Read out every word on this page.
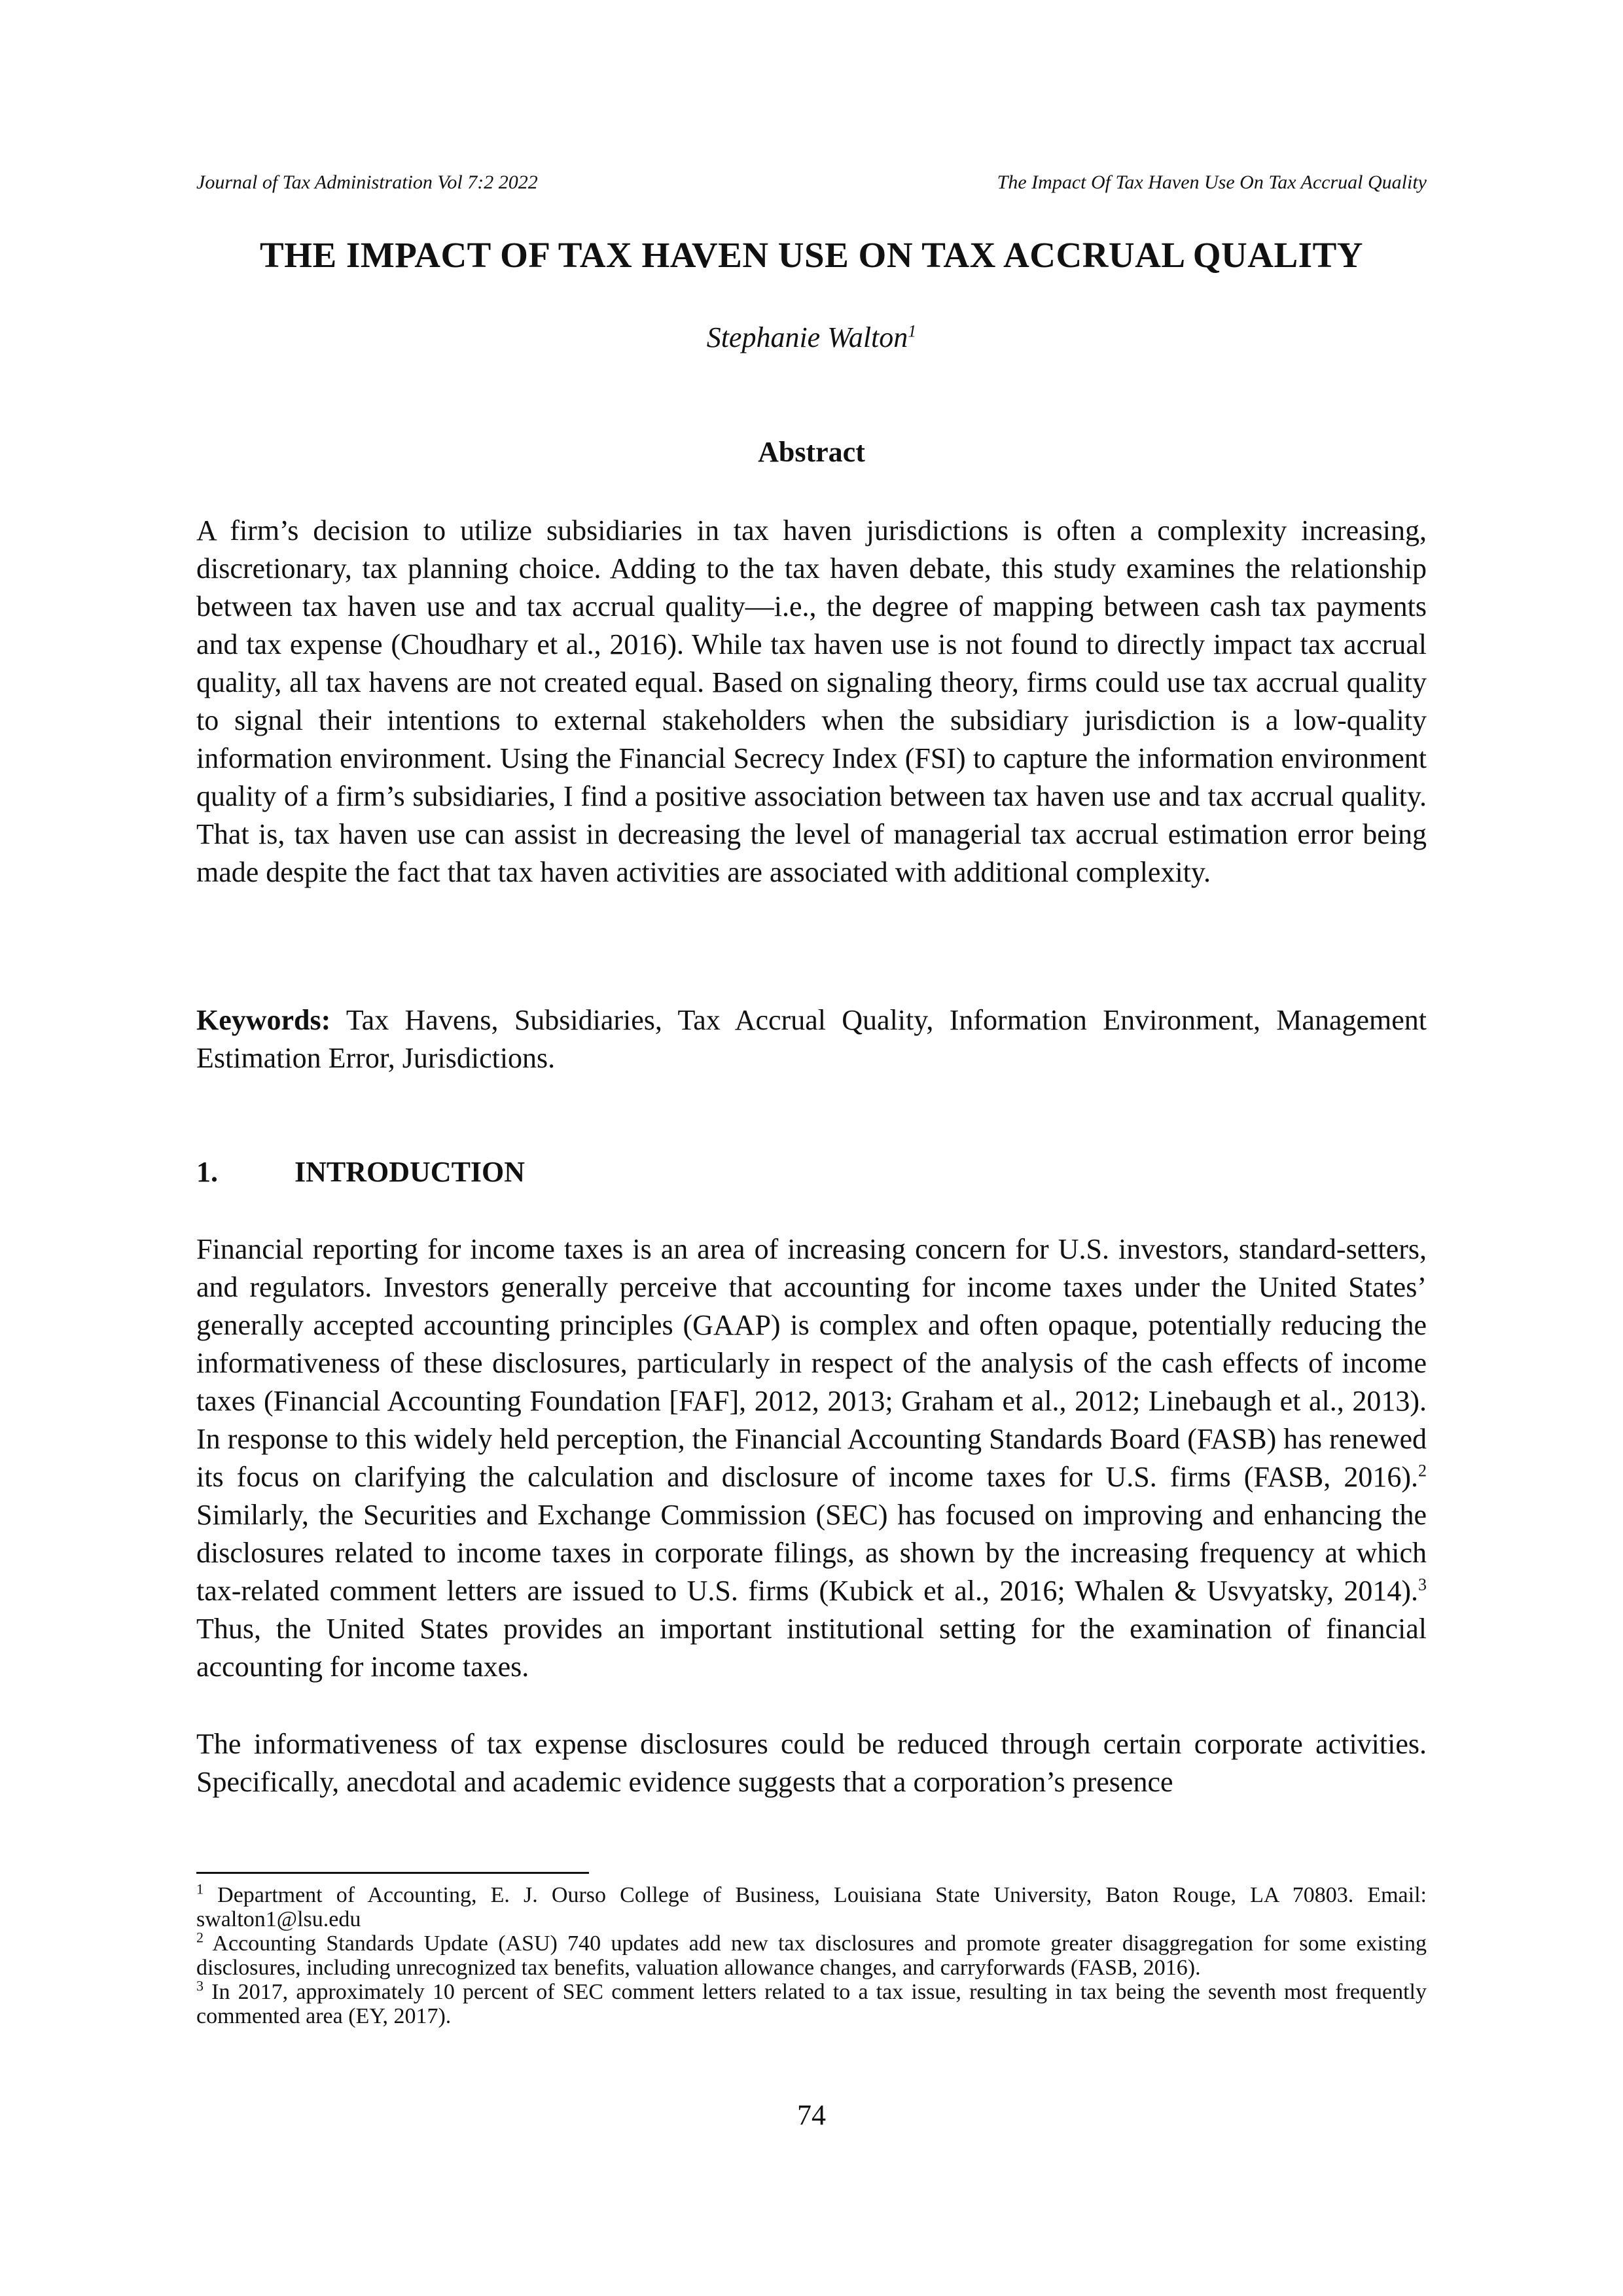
Journal of Tax Administration Vol 7:2 2022	The Impact Of Tax Haven Use On Tax Accrual Quality
THE IMPACT OF TAX HAVEN USE ON TAX ACCRUAL QUALITY
Stephanie Walton$^1$
Abstract

A firm’s decision to utilize subsidiaries in tax haven jurisdictions is often a complexity increasing, discretionary, tax planning choice. Adding to the tax haven debate, this study examines the relationship between tax haven use and tax accrual quality—i.e., the degree of mapping between cash tax payments and tax expense (Choudhary et al., 2016). While tax haven use is not found to directly impact tax accrual quality, all tax havens are not created equal. Based on signaling theory, firms could use tax accrual quality to signal their intentions to external stakeholders when the subsidiary jurisdiction is a low-quality information environment. Using the Financial Secrecy Index (FSI) to capture the information environment quality of a firm’s subsidiaries, I find a positive association between tax haven use and tax accrual quality. That is, tax haven use can assist in decreasing the level of managerial tax accrual estimation error being made despite the fact that tax haven activities are associated with additional complexity.

Keywords: Tax Havens, Subsidiaries, Tax Accrual Quality, Information Environment, Management Estimation Error, Jurisdictions.

1.	INTRODUCTION

Financial reporting for income taxes is an area of increasing concern for U.S. investors, standard-setters, and regulators. Investors generally perceive that accounting for income taxes under the United States’ generally accepted accounting principles (GAAP) is complex and often opaque, potentially reducing the informativeness of these disclosures, particularly in respect of the analysis of the cash effects of income taxes (Financial Accounting Foundation [FAF], 2012, 2013; Graham et al., 2012; Linebaugh et al., 2013). In response to this widely held perception, the Financial Accounting Standards Board (FASB) has renewed its focus on clarifying the calculation and disclosure of income taxes for U.S. firms (FASB, 2016).$^2$ Similarly, the Securities and Exchange Commission (SEC) has focused on improving and enhancing the disclosures related to income taxes in corporate filings, as shown by the increasing frequency at which tax-related comment letters are issued to U.S. firms (Kubick et al., 2016; Whalen & Usvyatsky, 2014).$^3$ Thus, the United States provides an important institutional setting for the examination of financial accounting for income taxes.

The informativeness of tax expense disclosures could be reduced through certain corporate activities. Specifically, anecdotal and academic evidence suggests that a corporation’s presence

$^1$ Department of Accounting, E. J. Ourso College of Business, Louisiana State University, Baton Rouge, LA 70803. Email: swalton1@lsu.edu

$^2$ Accounting Standards Update (ASU) 740 updates add new tax disclosures and promote greater disaggregation for some existing disclosures, including unrecognized tax benefits, valuation allowance changes, and carryforwards (FASB, 2016).

$^3$ In 2017, approximately 10 percent of SEC comment letters related to a tax issue, resulting in tax being the seventh most frequently commented area (EY, 2017).

74
